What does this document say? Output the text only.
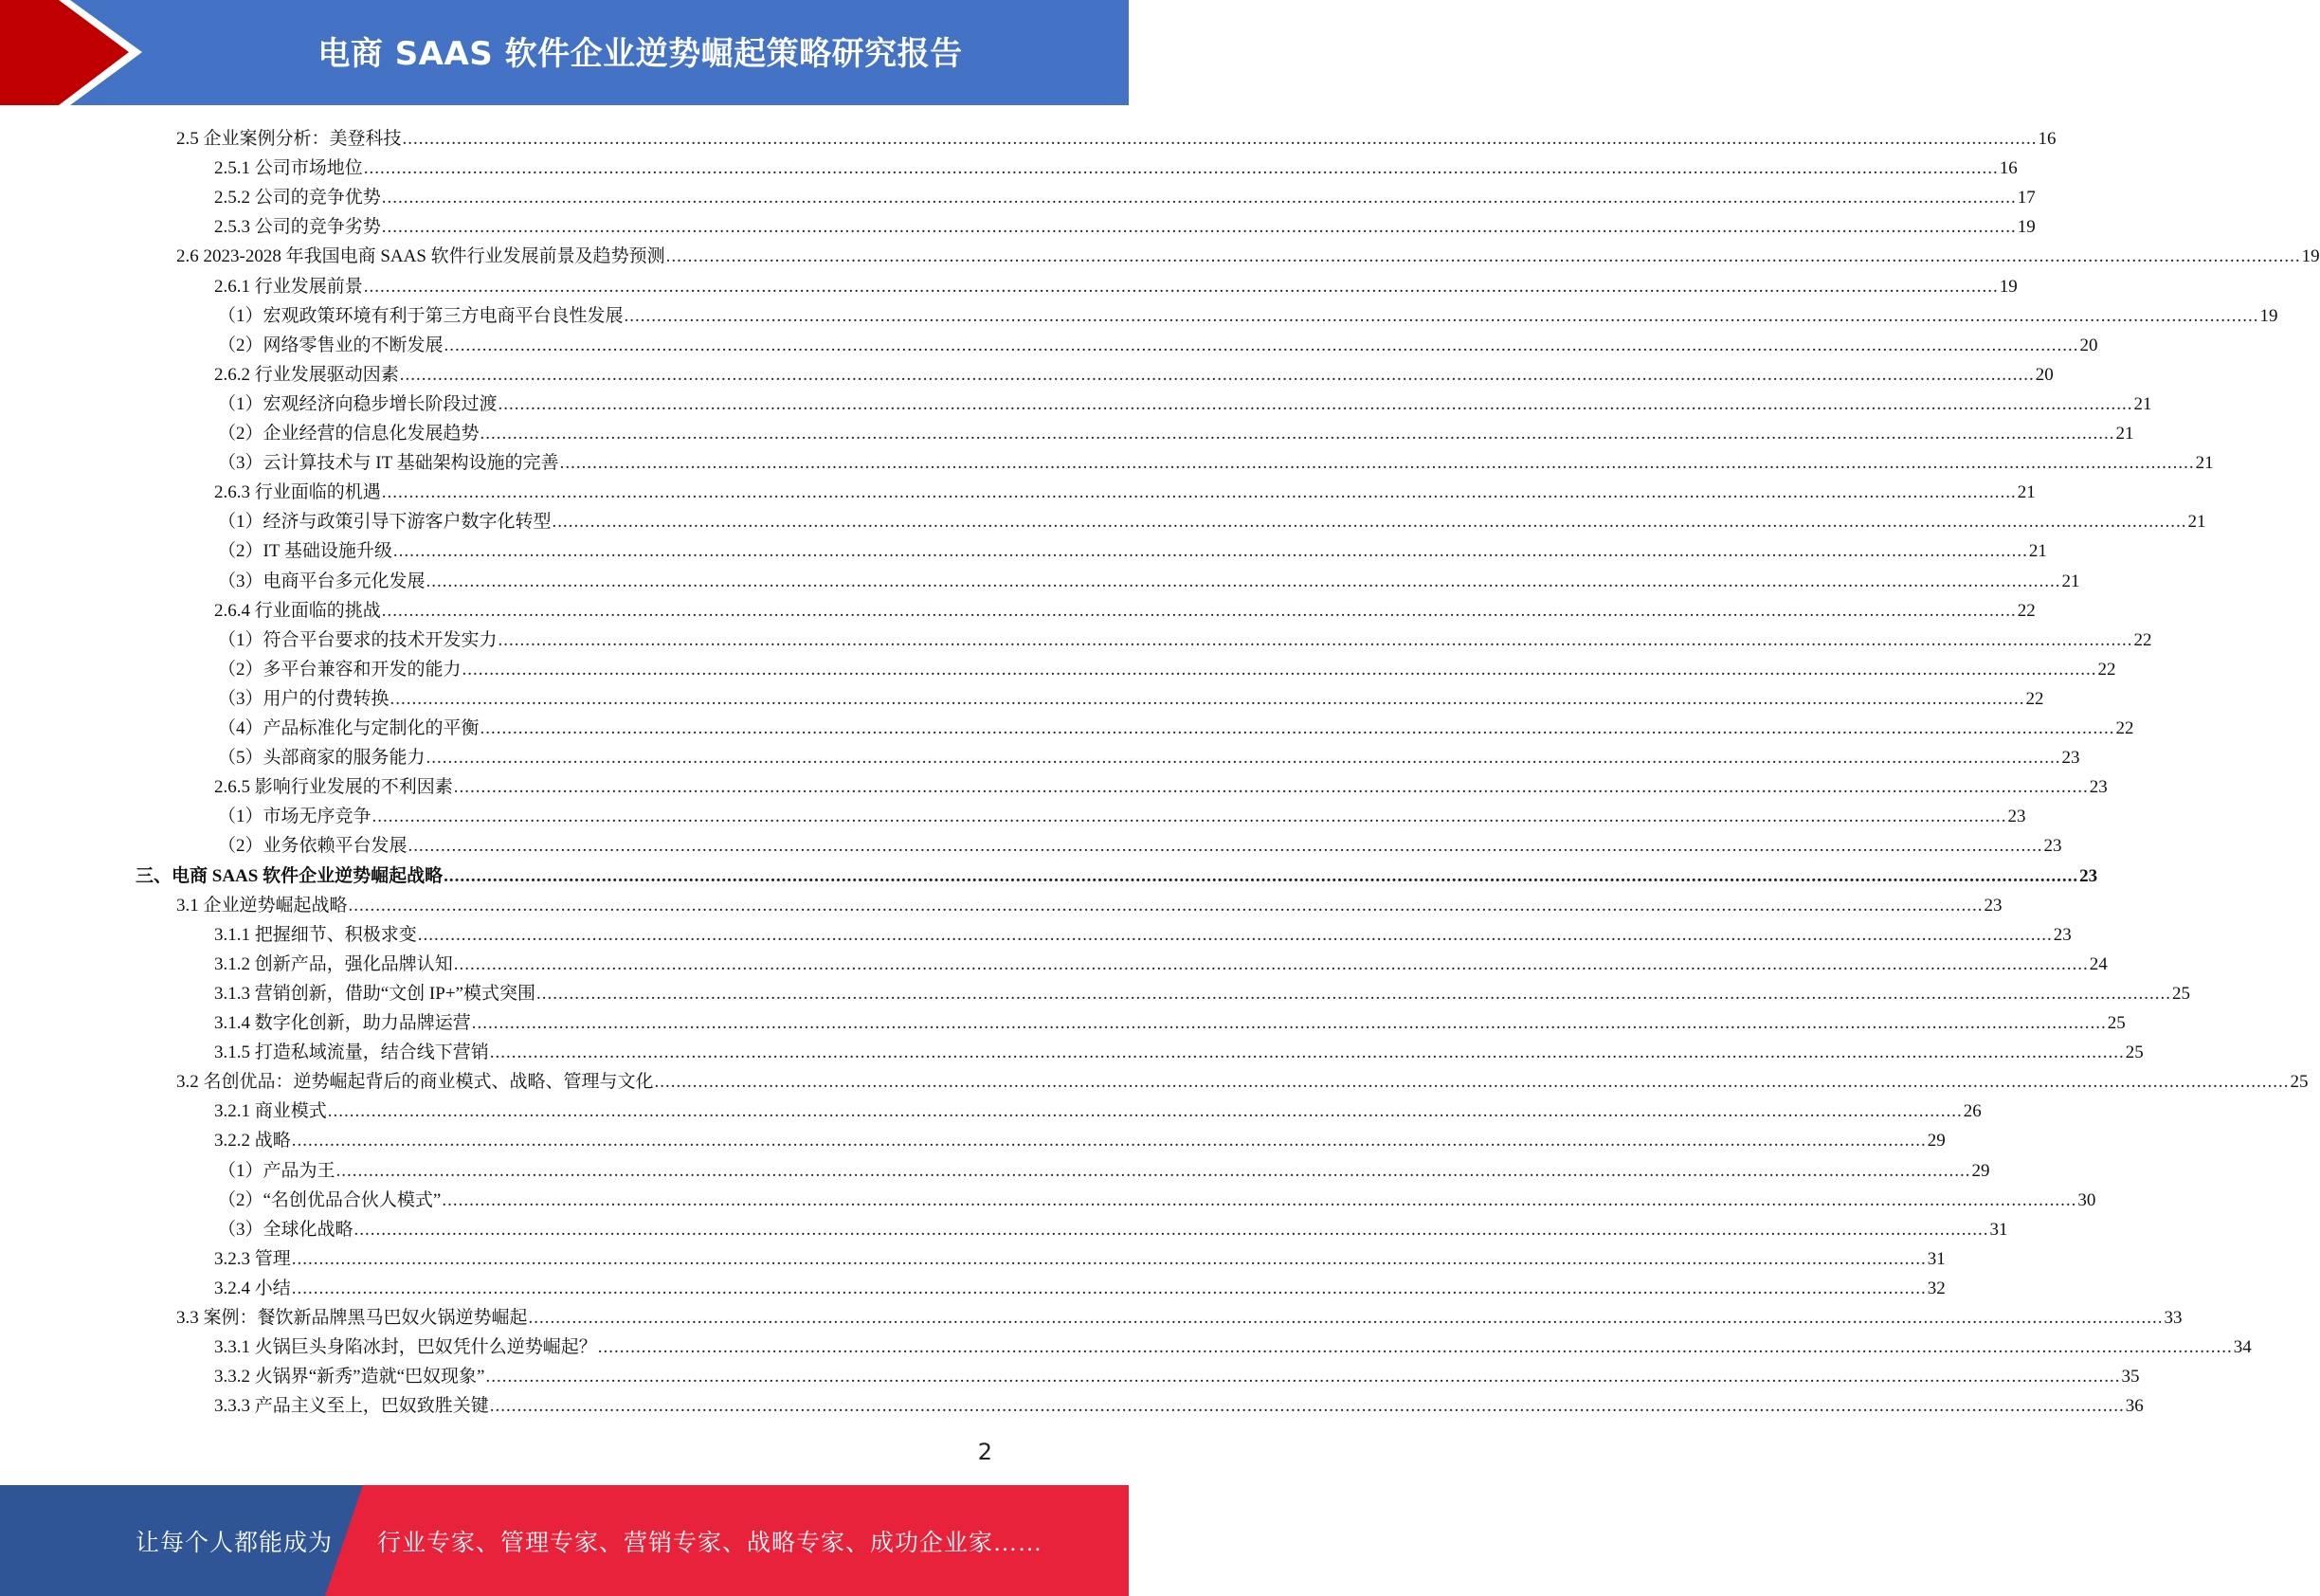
电商 SAAS 软件企业逆势崛起策略研究报告
2.5 企业案例分析：美登科技 ............................................................................................................................................................................................................................................................................................................ 16
2.5.1 公司市场地位 ............................................................................................................................................................................................................................................................................................................ 16
2.5.2 公司的竞争优势 ............................................................................................................................................................................................................................................................................................................ 17
2.5.3 公司的竞争劣势 ............................................................................................................................................................................................................................................................................................................ 19
2.6 2023-2028 年我国电商 SAAS 软件行业发展前景及趋势预测 ............................................................................................................................................................................................................................................................................................................ 19
2.6.1 行业发展前景 ............................................................................................................................................................................................................................................................................................................ 19
（1）宏观政策环境有利于第三方电商平台良性发展 ............................................................................................................................................................................................................................................................................................................ 19
（2）网络零售业的不断发展 ............................................................................................................................................................................................................................................................................................................ 20
2.6.2 行业发展驱动因素 ............................................................................................................................................................................................................................................................................................................ 20
（1）宏观经济向稳步增长阶段过渡 ............................................................................................................................................................................................................................................................................................................ 21
（2）企业经营的信息化发展趋势 ............................................................................................................................................................................................................................................................................................................ 21
（3）云计算技术与 IT 基础架构设施的完善 ............................................................................................................................................................................................................................................................................................................ 21
2.6.3 行业面临的机遇 ............................................................................................................................................................................................................................................................................................................ 21
（1）经济与政策引导下游客户数字化转型 ............................................................................................................................................................................................................................................................................................................ 21
（2）IT 基础设施升级 ............................................................................................................................................................................................................................................................................................................ 21
（3）电商平台多元化发展 ............................................................................................................................................................................................................................................................................................................ 21
2.6.4 行业面临的挑战 ............................................................................................................................................................................................................................................................................................................ 22
（1）符合平台要求的技术开发实力 ............................................................................................................................................................................................................................................................................................................ 22
（2）多平台兼容和开发的能力 ............................................................................................................................................................................................................................................................................................................ 22
（3）用户的付费转换 ............................................................................................................................................................................................................................................................................................................ 22
（4）产品标准化与定制化的平衡 ............................................................................................................................................................................................................................................................................................................ 22
（5）头部商家的服务能力 ............................................................................................................................................................................................................................................................................................................ 23
2.6.5 影响行业发展的不利因素 ............................................................................................................................................................................................................................................................................................................ 23
（1）市场无序竞争 ............................................................................................................................................................................................................................................................................................................ 23
（2）业务依赖平台发展 ............................................................................................................................................................................................................................................................................................................ 23
三、电商 SAAS 软件企业逆势崛起战略 ............................................................................................................................................................................................................................................................................................................ 23
3.1 企业逆势崛起战略 ............................................................................................................................................................................................................................................................................................................ 23
3.1.1 把握细节、积极求变 ............................................................................................................................................................................................................................................................................................................ 23
3.1.2 创新产品，强化品牌认知 ............................................................................................................................................................................................................................................................................................................ 24
3.1.3 营销创新，借助“文创 IP+”模式突围 ............................................................................................................................................................................................................................................................................................................ 25
3.1.4 数字化创新，助力品牌运营 ............................................................................................................................................................................................................................................................................................................ 25
3.1.5 打造私域流量，结合线下营销 ............................................................................................................................................................................................................................................................................................................ 25
3.2 名创优品：逆势崛起背后的商业模式、战略、管理与文化 ............................................................................................................................................................................................................................................................................................................ 25
3.2.1 商业模式 ............................................................................................................................................................................................................................................................................................................ 26
3.2.2 战略 ............................................................................................................................................................................................................................................................................................................ 29
（1）产品为王 ............................................................................................................................................................................................................................................................................................................ 29
（2）“名创优品合伙人模式” ............................................................................................................................................................................................................................................................................................................ 30
（3）全球化战略 ............................................................................................................................................................................................................................................................................................................ 31
3.2.3 管理 ............................................................................................................................................................................................................................................................................................................ 31
3.2.4 小结 ............................................................................................................................................................................................................................................................................................................ 32
3.3 案例：餐饮新品牌黑马巴奴火锅逆势崛起 ............................................................................................................................................................................................................................................................................................................ 33
3.3.1 火锅巨头身陷冰封，巴奴凭什么逆势崛起？ ............................................................................................................................................................................................................................................................................................................ 34
3.3.2 火锅界“新秀”造就“巴奴现象” ............................................................................................................................................................................................................................................................................................................ 35
3.3.3 产品主义至上，巴奴致胜关键 ............................................................................................................................................................................................................................................................................................................ 36
2
让每个人都能成为 行业专家、管理专家、营销专家、战略专家、成功企业家……
